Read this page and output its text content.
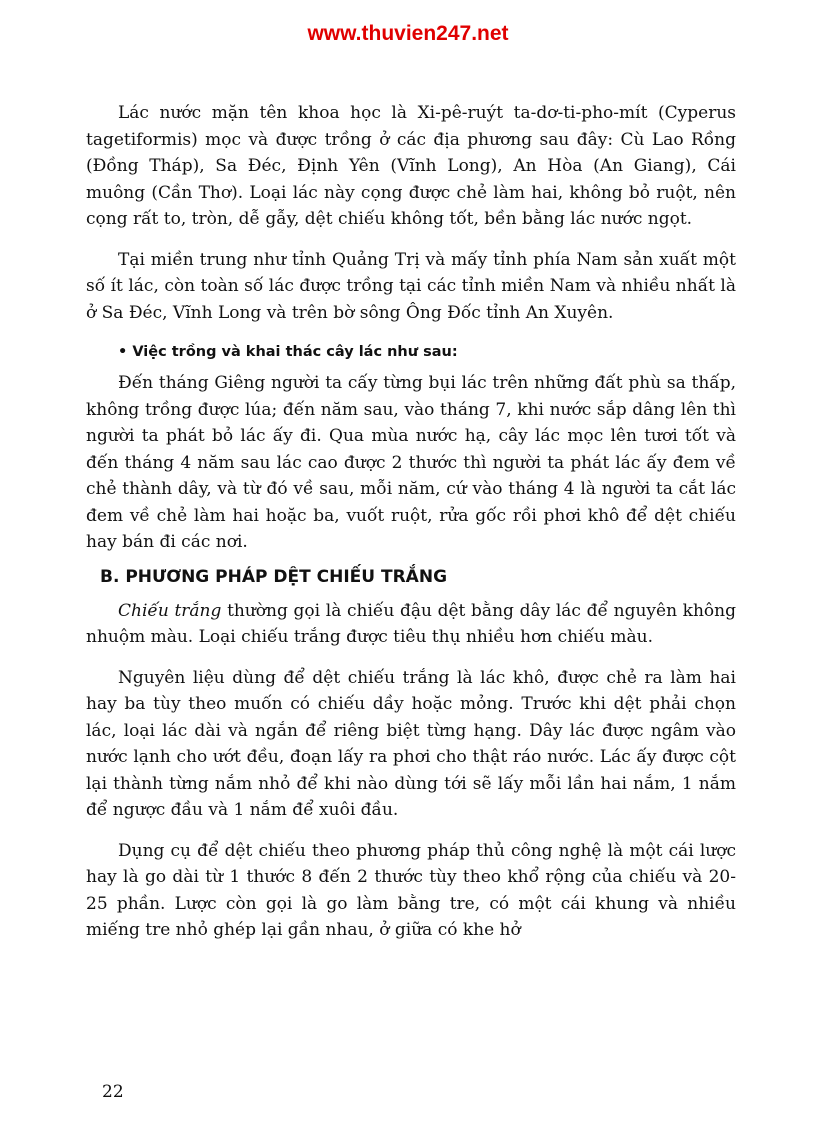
www.thuvien247.net

Lác nước mặn tên khoa học là Xi-pê-ruýt ta-dơ-ti-pho-mít (Cyperus tagetiformis) mọc và được trồng ở các địa phương sau đây: Cù Lao Rồng (Đồng Tháp), Sa Đéc, Định Yên (Vĩnh Long), An Hòa (An Giang), Cái muông (Cần Thơ). Loại lác này cọng được chẻ làm hai, không bỏ ruột, nên cọng rất to, tròn, dễ gẫy, dệt chiếu không tốt, bền bằng lác nước ngọt.

Tại miền trung như tỉnh Quảng Trị và mấy tỉnh phía Nam sản xuất một số ít lác, còn toàn số lác được trồng tại các tỉnh miền Nam và nhiều nhất là ở Sa Đéc, Vĩnh Long và trên bờ sông Ông Đốc tỉnh An Xuyên.

• Việc trồng và khai thác cây lác như sau:

Đến tháng Giêng người ta cấy từng bụi lác trên những đất phù sa thấp, không trồng được lúa; đến năm sau, vào tháng 7, khi nước sắp dâng lên thì người ta phát bỏ lác ấy đi. Qua mùa nước hạ, cây lác mọc lên tươi tốt và đến tháng 4 năm sau lác cao được 2 thước thì người ta phát lác ấy đem về chẻ thành dây, và từ đó về sau, mỗi năm, cứ vào tháng 4 là người ta cắt lác đem về chẻ làm hai hoặc ba, vuốt ruột, rửa gốc rồi phơi khô để dệt chiếu hay bán đi các nơi.

B. PHƯƠNG PHÁP DỆT CHIẾU TRẮNG

Chiếu trắng thường gọi là chiếu đậu dệt bằng dây lác để nguyên không nhuộm màu. Loại chiếu trắng được tiêu thụ nhiều hơn chiếu màu.

Nguyên liệu dùng để dệt chiếu trắng là lác khô, được chẻ ra làm hai hay ba tùy theo muốn có chiếu dầy hoặc mỏng. Trước khi dệt phải chọn lác, loại lác dài và ngắn để riêng biệt từng hạng. Dây lác được ngâm vào nước lạnh cho ướt đều, đoạn lấy ra phơi cho thật ráo nước. Lác ấy được cột lại thành từng nắm nhỏ để khi nào dùng tới sẽ lấy mỗi lần hai nắm, 1 nắm để ngược đầu và 1 nắm để xuôi đầu.

Dụng cụ để dệt chiếu theo phương pháp thủ công nghệ là một cái lược hay là go dài từ 1 thước 8 đến 2 thước tùy theo khổ rộng của chiếu và 20-25 phần. Lược còn gọi là go làm bằng tre, có một cái khung và nhiều miếng tre nhỏ ghép lại gần nhau, ở giữa có khe hở

22
